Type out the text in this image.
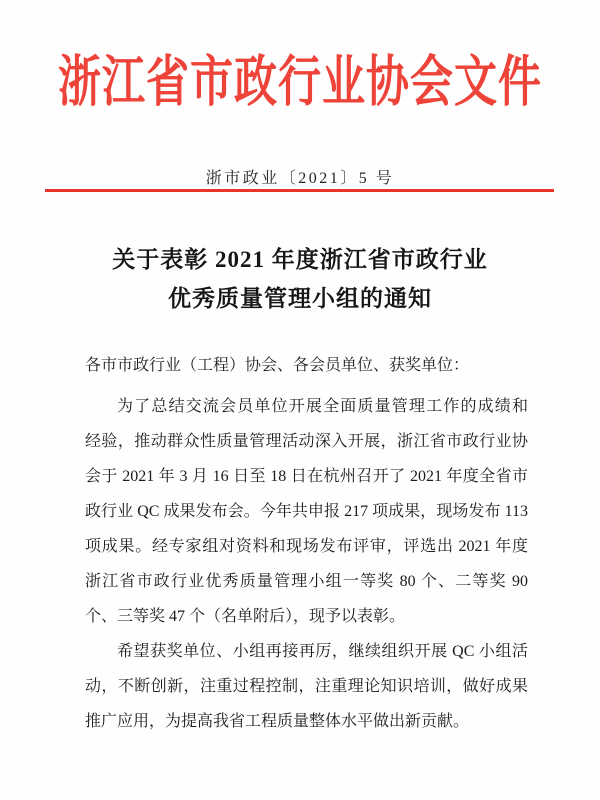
浙江省市政行业协会文件
浙市政业〔2021〕5 号
关于表彰 2021 年度浙江省市政行业
优秀质量管理小组的通知
各市市政行业（工程）协会、各会员单位、获奖单位：
为了总结交流会员单位开展全面质量管理工作的成绩和
经验，推动群众性质量管理活动深入开展，浙江省市政行业协
会于 2021 年 3 月 16 日至 18 日在杭州召开了 2021 年度全省市
政行业 QC 成果发布会。今年共申报 217 项成果，现场发布 113
项成果。经专家组对资料和现场发布评审，评选出 2021 年度
浙江省市政行业优秀质量管理小组一等奖 80 个、二等奖 90
个、三等奖 47 个（名单附后），现予以表彰。
希望获奖单位、小组再接再厉，继续组织开展 QC 小组活
动，不断创新，注重过程控制，注重理论知识培训，做好成果
推广应用，为提高我省工程质量整体水平做出新贡献。
